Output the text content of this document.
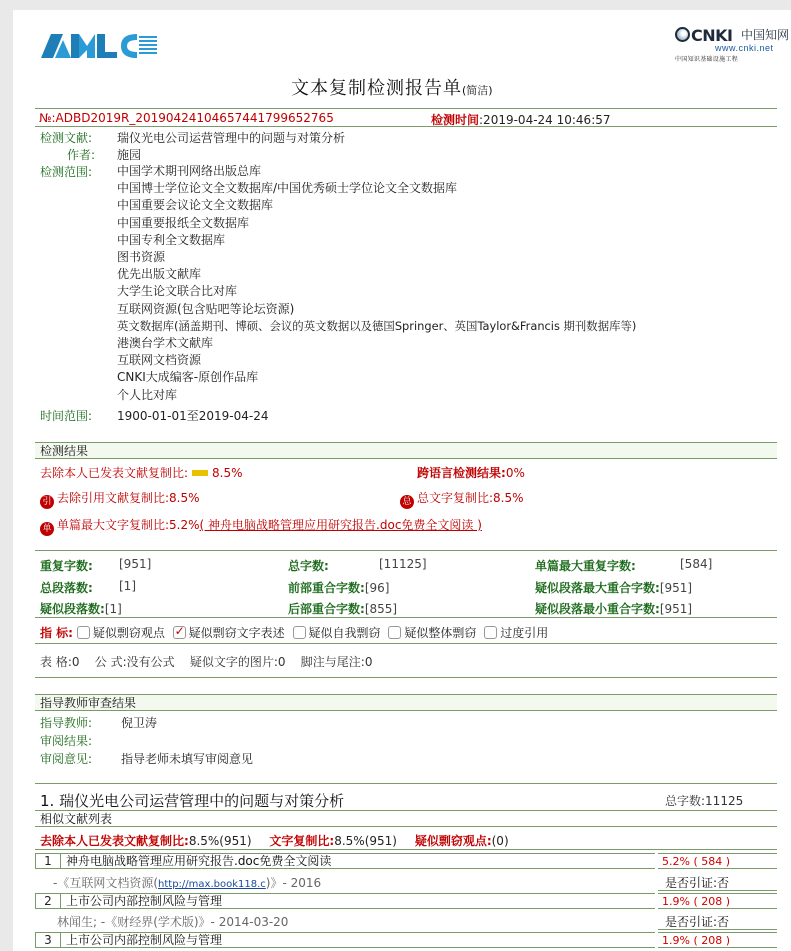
CNKI 中国知网
www.cnki.net
中国知识基础设施工程
文本复制检测报告单(简洁)
№:ADBD2019R_20190424104657441799652765	检测时间:2019-04-24 10:46:57
检测文献: 瑞仪光电公司运营管理中的问题与对策分析
作者: 施园
检测范围: 中国学术期刊网络出版总库
中国博士学位论文全文数据库/中国优秀硕士学位论文全文数据库
中国重要会议论文全文数据库
中国重要报纸全文数据库
中国专利全文数据库
图书资源
优先出版文献库
大学生论文联合比对库
互联网资源(包含贴吧等论坛资源)
英文数据库(涵盖期刊、博硕、会议的英文数据以及德国Springer、英国Taylor&Francis 期刊数据库等)
港澳台学术文献库
互联网文档资源
CNKI大成编客-原创作品库
个人比对库
时间范围: 1900-01-01至2019-04-24
检测结果
去除本人已发表文献复制比: 8.5%	跨语言检测结果:0%
引 去除引用文献复制比:8.5%	总 总文字复制比:8.5%
单 单篇最大文字复制比:5.2%( 神舟电脑战略管理应用研究报告.doc免费全文阅读 )
重复字数: [951]	总字数:	[11125]	单篇最大重复字数:	[584]
总段落数: [1]	前部重合字数:[96]	疑似段落最大重合字数:[951]
疑似段落数:[1]	后部重合字数:[855]	疑似段落最小重合字数:[951]
指 标: 疑似剽窃观点 ✓ 疑似剽窃文字表述 疑似自我剽窃 疑似整体剽窃 过度引用
表 格:0    公 式:没有公式    疑似文字的图片:0    脚注与尾注:0
指导教师审查结果
指导教师: 倪卫涛
审阅结果:
审阅意见: 指导老师未填写审阅意见
1. 瑞仪光电公司运营管理中的问题与对策分析	总字数:11125
相似文献列表
去除本人已发表文献复制比:8.5%(951) 文字复制比:8.5%(951) 疑似剽窃观点:(0)
1	神舟电脑战略管理应用研究报告.doc免费全文阅读	5.2% ( 584 )
-《互联网文档资源(http://max.book118.c)》- 2016	是否引证:否
2	上市公司内部控制风险与管理	1.9% ( 208 )
林闻生; -《财经界(学术版)》- 2014-03-20	是否引证:否
3	上市公司内部控制风险与管理	1.9% ( 208 )
